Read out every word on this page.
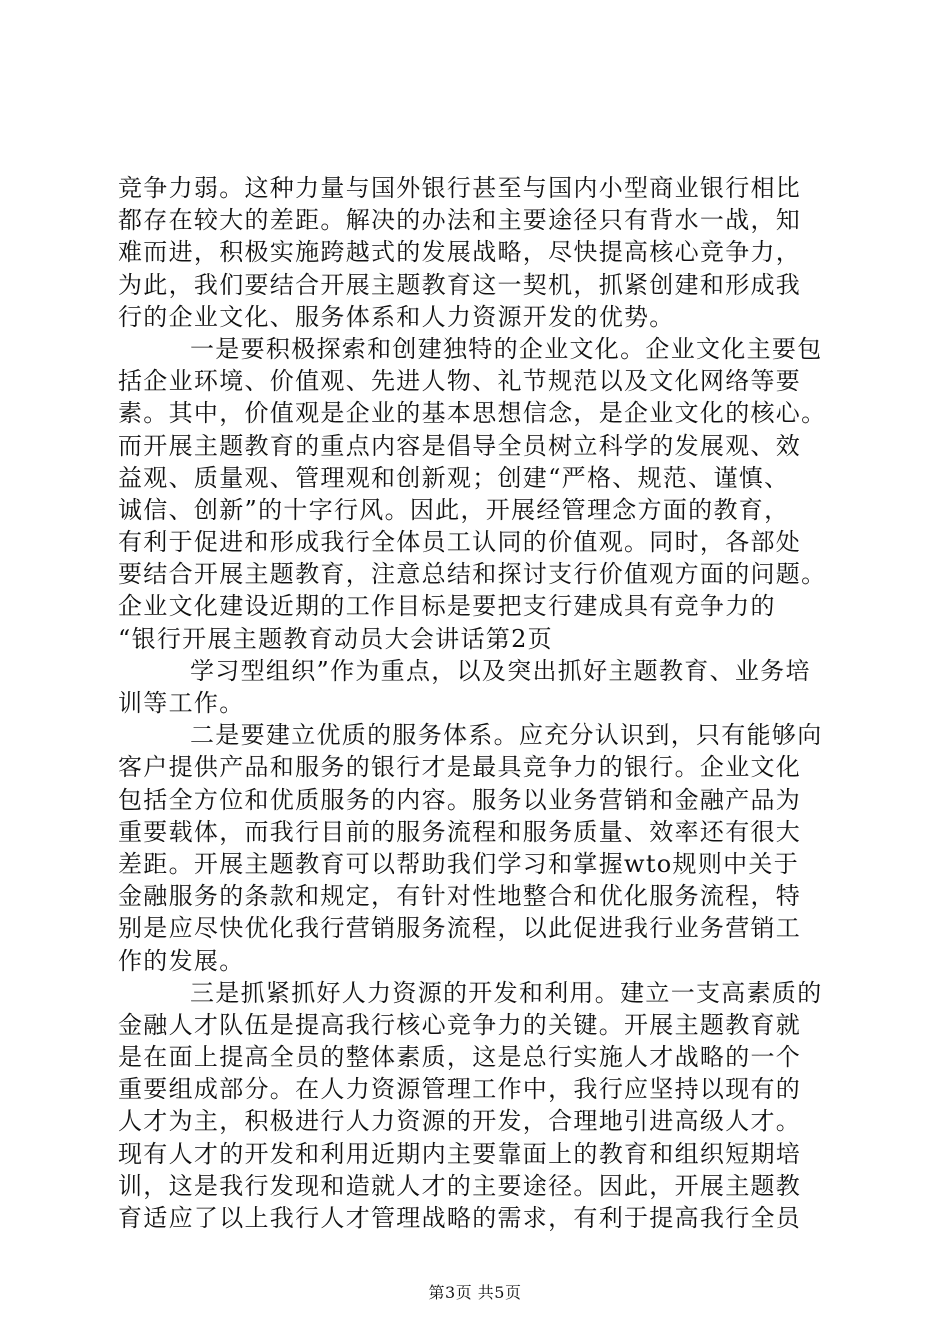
竞争力弱。这种力量与国外银行甚至与国内小型商业银行相比
都存在较大的差距。解决的办法和主要途径只有背水一战，知
难而进，积极实施跨越式的发展战略，尽快提高核心竞争力，
为此，我们要结合开展主题教育这一契机，抓紧创建和形成我
行的企业文化、服务体系和人力资源开发的优势。
一是要积极探索和创建独特的企业文化。企业文化主要包
括企业环境、价值观、先进人物、礼节规范以及文化网络等要
素。其中，价值观是企业的基本思想信念，是企业文化的核心。
而开展主题教育的重点内容是倡导全员树立科学的发展观、效
益观、质量观、管理观和创新观；创建“严格、规范、谨慎、
诚信、创新”的十字行风。因此，开展经管理念方面的教育，
有利于促进和形成我行全体员工认同的价值观。同时，各部处
要结合开展主题教育，注意总结和探讨支行价值观方面的问题。
企业文化建设近期的工作目标是要把支行建成具有竞争力的
“银行开展主题教育动员大会讲话第2页
学习型组织”作为重点，以及突出抓好主题教育、业务培
训等工作。
二是要建立优质的服务体系。应充分认识到，只有能够向
客户提供产品和服务的银行才是最具竞争力的银行。企业文化
包括全方位和优质服务的内容。服务以业务营销和金融产品为
重要载体，而我行目前的服务流程和服务质量、效率还有很大
差距。开展主题教育可以帮助我们学习和掌握wto规则中关于
金融服务的条款和规定，有针对性地整合和优化服务流程，特
别是应尽快优化我行营销服务流程，以此促进我行业务营销工
作的发展。
三是抓紧抓好人力资源的开发和利用。建立一支高素质的
金融人才队伍是提高我行核心竞争力的关键。开展主题教育就
是在面上提高全员的整体素质，这是总行实施人才战略的一个
重要组成部分。在人力资源管理工作中，我行应坚持以现有的
人才为主，积极进行人力资源的开发，合理地引进高级人才。
现有人才的开发和利用近期内主要靠面上的教育和组织短期培
训，这是我行发现和造就人才的主要途径。因此，开展主题教
育适应了以上我行人才管理战略的需求，有利于提高我行全员
第3页 共5页
